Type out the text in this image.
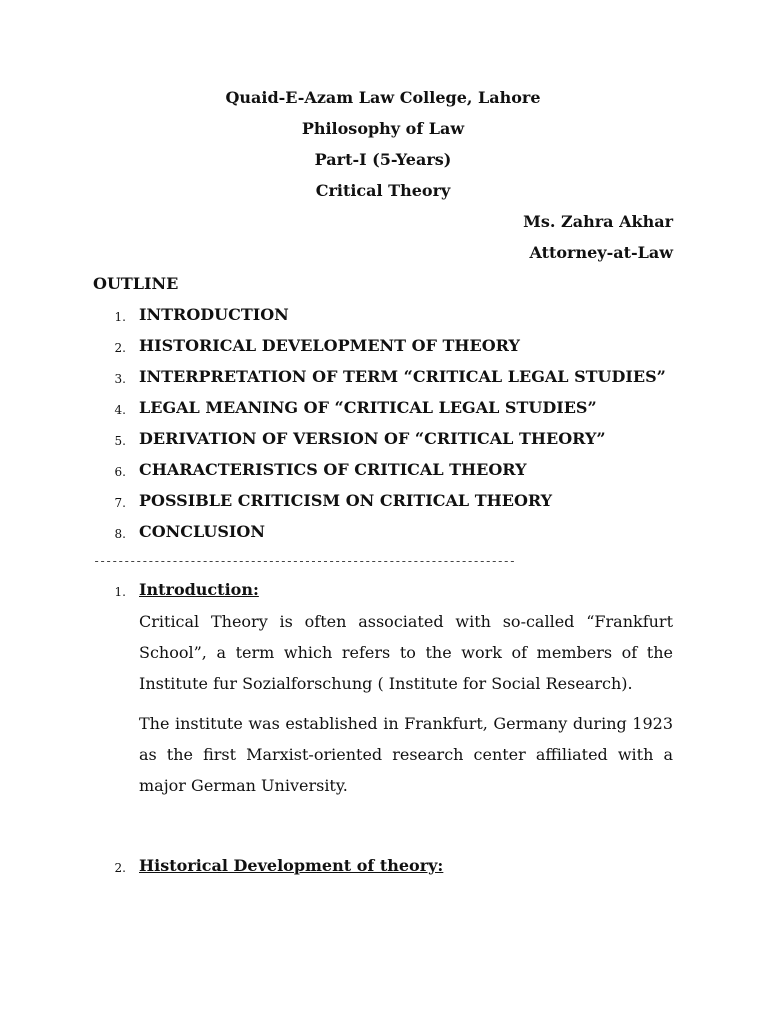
Quaid-E-Azam Law College, Lahore
Philosophy of Law
Part-I (5-Years)
Critical Theory
Ms. Zahra Akhar
Attorney-at-Law
OUTLINE
1. INTRODUCTION
2. HISTORICAL DEVELOPMENT OF THEORY
3. INTERPRETATION OF TERM “CRITICAL LEGAL STUDIES”
4. LEGAL MEANING OF “CRITICAL LEGAL STUDIES”
5. DERIVATION OF VERSION OF “CRITICAL THEORY”
6. CHARACTERISTICS OF CRITICAL THEORY
7. POSSIBLE CRITICISM ON CRITICAL THEORY
8. CONCLUSION
----------------------------------------------------------------------
1. Introduction:
Critical Theory is often associated with so-called “Frankfurt School”, a term which refers to the work of members of the Institute fur Sozialforschung ( Institute for Social Research).
The institute was established in Frankfurt, Germany during 1923 as the first Marxist-oriented research center affiliated with a major German University.
2. Historical Development of theory:
